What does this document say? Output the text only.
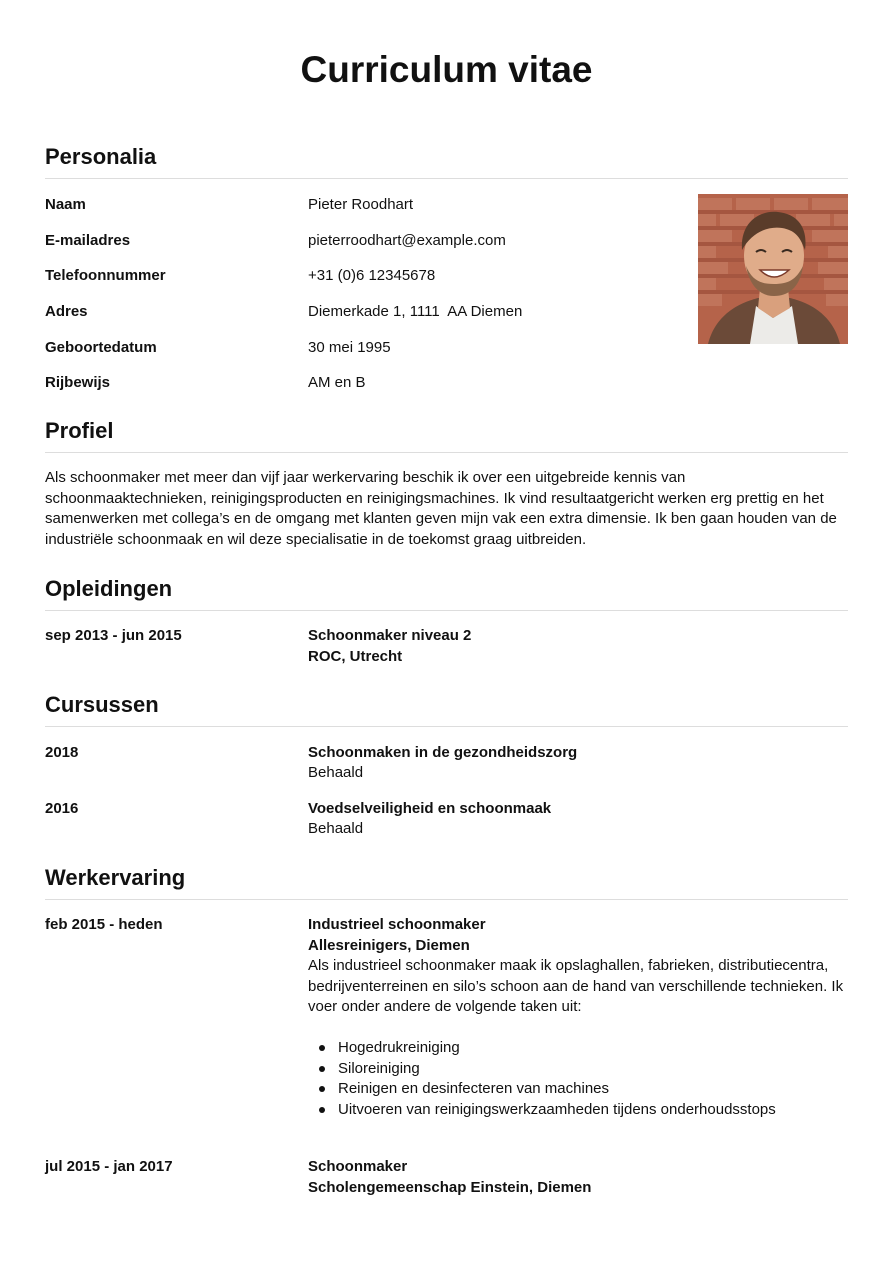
Curriculum vitae
Personalia
Naam	Pieter Roodhart
E-mailadres	pieterroodhart@example.com
Telefoonnummer	+31 (0)6 12345678
Adres	Diemerkade 1, 1111  AA Diemen
Geboortedatum	30 mei 1995
Rijbewijs	AM en B
Profiel

Als schoonmaker met meer dan vijf jaar werkervaring beschik ik over een uitgebreide kennis van schoonmaaktechnieken, reinigingsproducten en reinigingsmachines. Ik vind resultaatgericht werken erg prettig en het samenwerken met collega’s en de omgang met klanten geven mijn vak een extra dimensie. Ik ben gaan houden van de industriële schoonmaak en wil deze specialisatie in de toekomst graag uitbreiden.

Opleidingen
sep 2013 - jun 2015	Schoonmaker niveau 2
ROC, Utrecht
Cursussen
2018	Schoonmaken in de gezondheidszorg
Behaald
2016	Voedselveiligheid en schoonmaak
Behaald
Werkervaring
feb 2015 - heden	Industrieel schoonmaker
Allesreinigers, Diemen

Als industrieel schoonmaker maak ik opslaghallen, fabrieken, distributiecentra, bedrijventerreinen en silo’s schoon aan de hand van verschillende technieken. Ik voer onder andere de volgende taken uit:

Hogedrukreiniging
Siloreiniging
Reinigen en desinfecteren van machines
Uitvoeren van reinigingswerkzaamheden tijdens onderhoudsstops
jul 2015 - jan 2017	Schoonmaker
Scholengemeenschap Einstein, Diemen
